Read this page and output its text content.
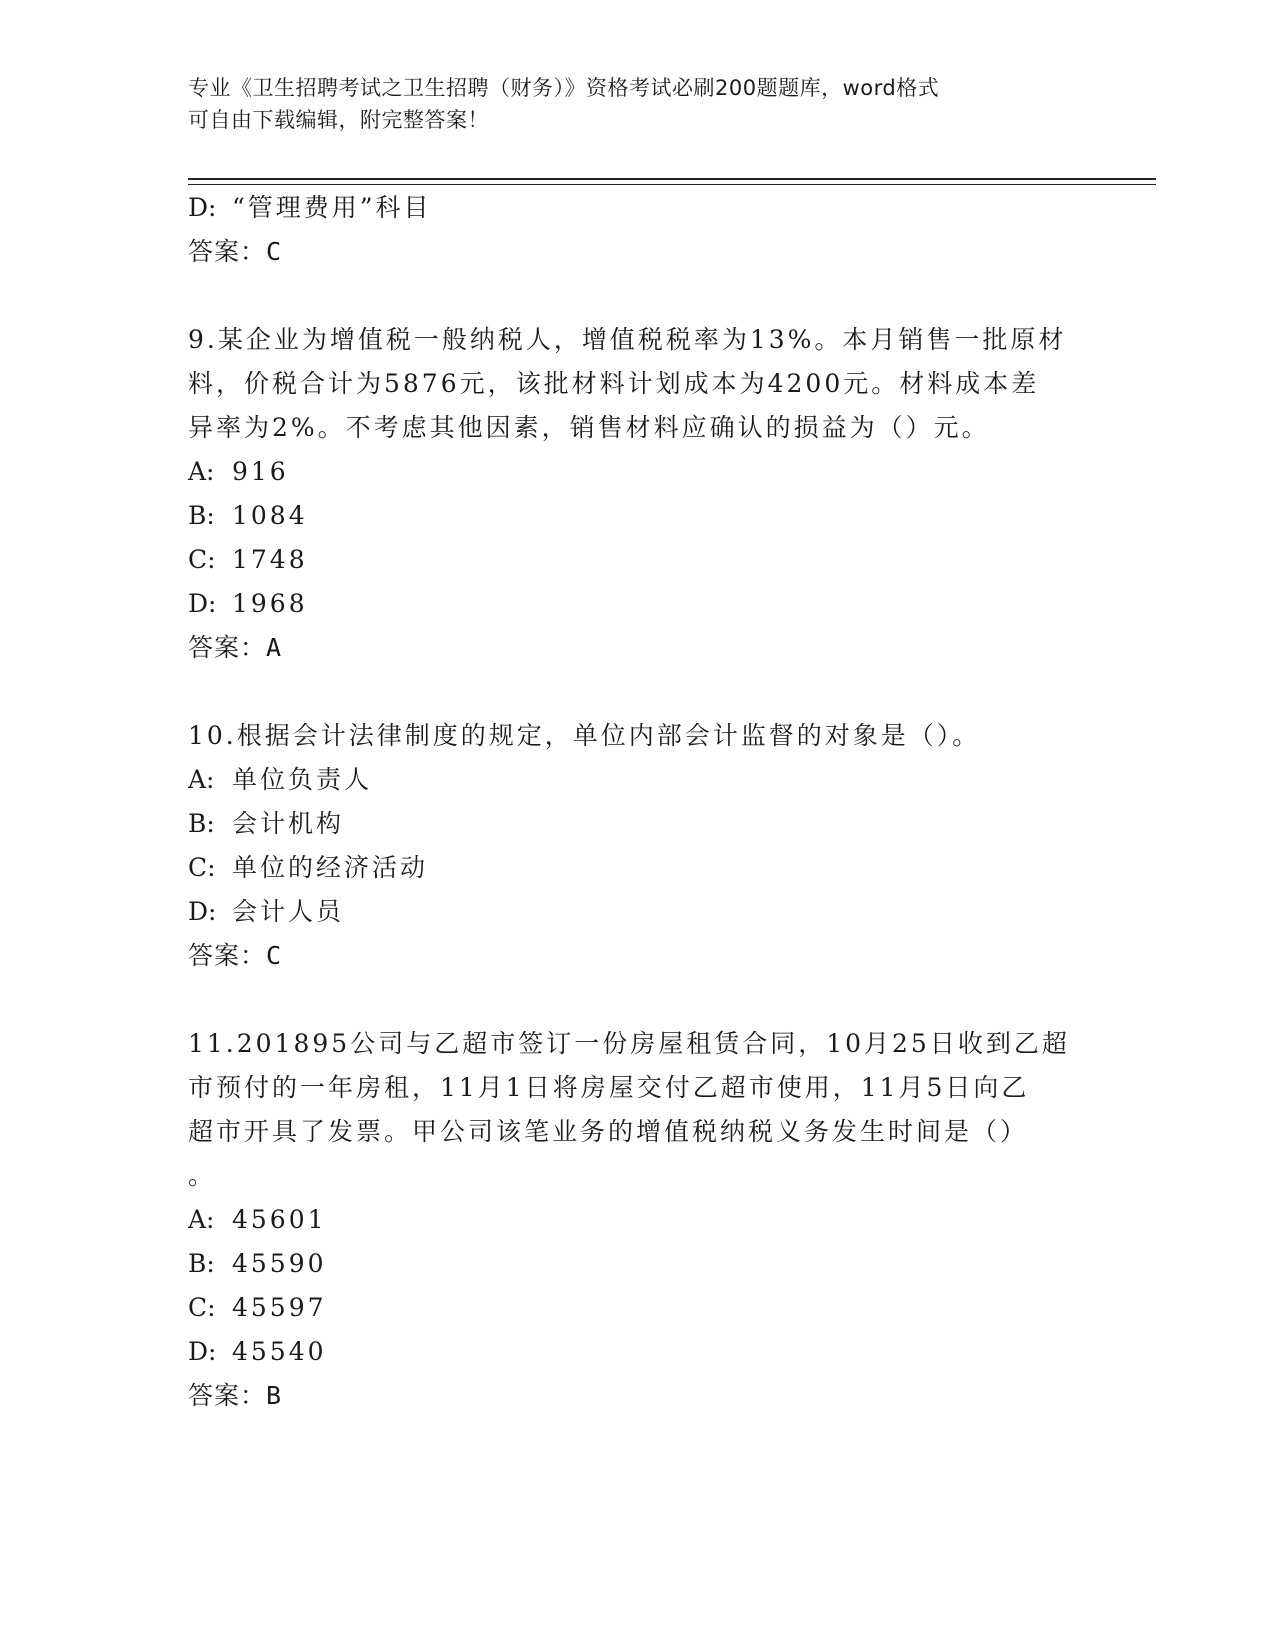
专业《卫生招聘考试之卫生招聘（财务）》资格考试必刷200题题库，word格式
可自由下载编辑，附完整答案！
D: “管理费用”科目
答案：C
9.某企业为增值税一般纳税人，增值税税率为13%。本月销售一批原材
料，价税合计为5876元，该批材料计划成本为4200元。材料成本差
异率为2%。不考虑其他因素，销售材料应确认的损益为（）元。
A: 916
B: 1084
C: 1748
D: 1968
答案：A
10.根据会计法律制度的规定，单位内部会计监督的对象是（）。
A: 单位负责人
B: 会计机构
C: 单位的经济活动
D: 会计人员
答案：C
11.201895公司与乙超市签订一份房屋租赁合同，10月25日收到乙超
市预付的一年房租，11月1日将房屋交付乙超市使用，11月5日向乙
超市开具了发票。甲公司该笔业务的增值税纳税义务发生时间是（）
。
A: 45601
B: 45590
C: 45597
D: 45540
答案：B
